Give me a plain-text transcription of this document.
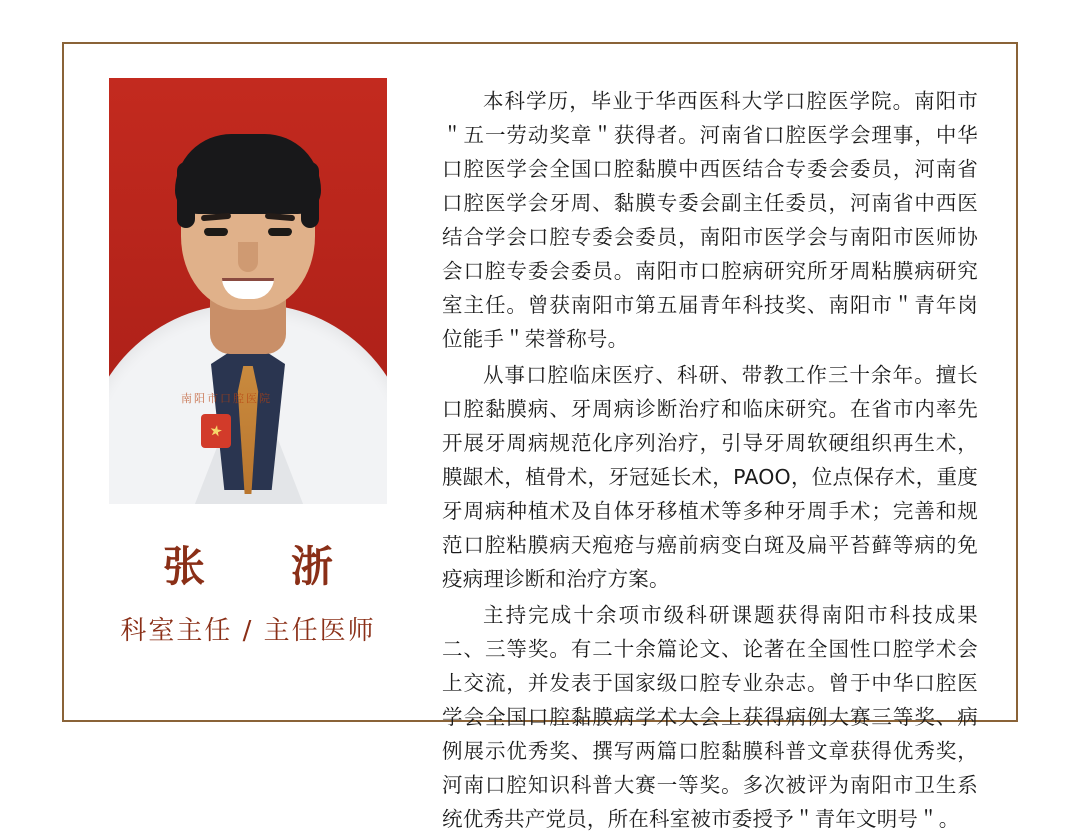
南阳市口腔医院
张　浙
科室主任 / 主任医师

本科学历，毕业于华西医科大学口腔医学院。南阳市＂五一劳动奖章＂获得者。河南省口腔医学会理事，中华口腔医学会全国口腔黏膜中西医结合专委会委员，河南省口腔医学会牙周、黏膜专委会副主任委员，河南省中西医结合学会口腔专委会委员，南阳市医学会与南阳市医师协会口腔专委会委员。南阳市口腔病研究所牙周粘膜病研究室主任。曾获南阳市第五届青年科技奖、南阳市＂青年岗位能手＂荣誉称号。

从事口腔临床医疗、科研、带教工作三十余年。擅长口腔黏膜病、牙周病诊断治疗和临床研究。在省市内率先开展牙周病规范化序列治疗，引导牙周软硬组织再生术，膜龈术，植骨术，牙冠延长术，PAOO，位点保存术，重度牙周病种植术及自体牙移植术等多种牙周手术；完善和规范口腔粘膜病天疱疮与癌前病变白斑及扁平苔藓等病的免疫病理诊断和治疗方案。

主持完成十余项市级科研课题获得南阳市科技成果二、三等奖。有二十余篇论文、论著在全国性口腔学术会上交流，并发表于国家级口腔专业杂志。曾于中华口腔医学会全国口腔黏膜病学术大会上获得病例大赛三等奖、病例展示优秀奖、撰写两篇口腔黏膜科普文章获得优秀奖，河南口腔知识科普大赛一等奖。多次被评为南阳市卫生系统优秀共产党员，所在科室被市委授予＂青年文明号＂。
